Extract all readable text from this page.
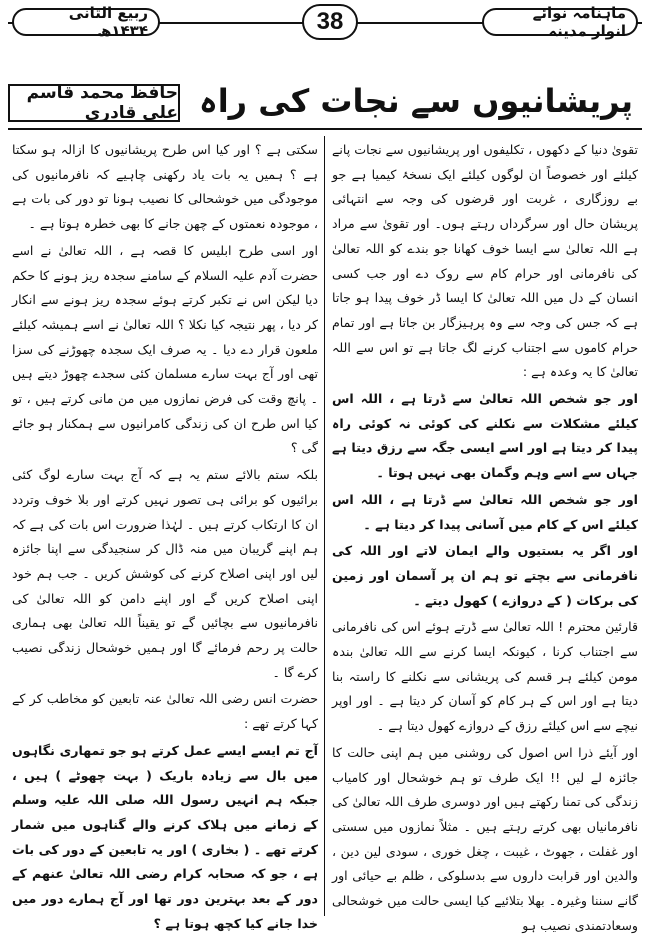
ربیع الثانی ۱۴۳۴ھ	38	ماہنامہ نوائے انوار مدینہ
حافظ محمد قاسم علی قادری پریشانیوں سے نجات کی راہ

تقویٰ دنیا کے دکھوں ، تکلیفوں اور پریشانیوں سے نجات پانے کیلئے اور خصوصاً ان لوگوں کیلئے ایک نسخۂ کیمیا ہے جو بے روزگاری ، غربت اور قرضوں کی وجہ سے انتہائی پریشان حال اور سرگرداں رہتے ہوں۔ اور تقویٰ سے مراد ہے اللہ تعالیٰ سے ایسا خوف کھانا جو بندے کو اللہ تعالیٰ کی نافرمانی اور حرام کام سے روک دے اور جب کسی انسان کے دل میں اللہ تعالیٰ کا ایسا ڈر خوف پیدا ہو جاتا ہے کہ جس کی وجہ سے وہ پرہیزگار بن جاتا ہے اور تمام حرام کاموں سے اجتناب کرنے لگ جاتا ہے تو اس سے اللہ تعالیٰ کا یہ وعدہ ہے :

اور جو شخص اللہ تعالیٰ سے ڈرتا ہے ، اللہ اس کیلئے مشکلات سے نکلنے کی کوئی نہ کوئی راہ پیدا کر دیتا ہے اور اسے ایسی جگہ سے رزق دیتا ہے جہاں سے اسے وہم وگمان بھی نہیں ہوتا ۔

اور جو شخص اللہ تعالیٰ سے ڈرتا ہے ، اللہ اس کیلئے اس کے کام میں آسانی پیدا کر دیتا ہے ۔

اور اگر یہ بستیوں والے ایمان لاتے اور اللہ کی نافرمانی سے بچتے تو ہم ان پر آسمان اور زمین کی برکات ( کے دروازے ) کھول دیتے ۔

قارئین محترم ! اللہ تعالیٰ سے ڈرتے ہوئے اس کی نافرمانی سے اجتناب کرنا ، کیونکہ ایسا کرنے سے اللہ تعالیٰ بندہ مومن کیلئے ہر قسم کی پریشانی سے نکلنے کا راستہ بنا دیتا ہے اور اس کے ہر کام کو آسان کر دیتا ہے ۔ اور اوپر نیچے سے اس کیلئے رزق کے دروازے کھول دیتا ہے ۔

اور آیئے ذرا اس اصول کی روشنی میں ہم اپنی حالت کا جائزہ لے لیں !! ایک طرف تو ہم خوشحال اور کامیاب زندگی کی تمنا رکھتے ہیں اور دوسری طرف اللہ تعالیٰ کی نافرمانیاں بھی کرتے رہتے ہیں ۔ مثلاً نمازوں میں سستی اور غفلت ، جھوٹ ، غیبت ، چغل خوری ، سودی لین دین ، والدین اور قرابت داروں سے بدسلوکی ، ظلم بے حیائی اور گانے سننا وغیرہ۔ بھلا بتلائیے کیا ایسی حالت میں خوشحالی وسعادتمندی نصیب ہو

سکتی ہے ؟ اور کیا اس طرح پریشانیوں کا ازالہ ہو سکتا ہے ؟ ہمیں یہ بات یاد رکھنی چاہیے کہ نافرمانیوں کی موجودگی میں خوشحالی کا نصیب ہونا تو دور کی بات ہے ، موجودہ نعمتوں کے چھن جانے کا بھی خطرہ ہوتا ہے ۔

اور اسی طرح ابلیس کا قصہ ہے ، اللہ تعالیٰ نے اسے حضرت آدم علیہ السلام کے سامنے سجدہ ریز ہونے کا حکم دیا لیکن اس نے تکبر کرتے ہوئے سجدہ ریز ہونے سے انکار کر دیا ، پھر نتیجہ کیا نکلا ؟ اللہ تعالیٰ نے اسے ہمیشہ کیلئے ملعون قرار دے دیا ۔ یہ صرف ایک سجدہ چھوڑنے کی سزا تھی اور آج بہت سارے مسلمان کئی سجدے چھوڑ دیتے ہیں ۔ پانچ وقت کی فرض نمازوں میں من مانی کرتے ہیں ، تو کیا اس طرح ان کی زندگی کامرانیوں سے ہمکنار ہو جائے گی ؟

بلکہ ستم بالائے ستم یہ ہے کہ آج بہت سارے لوگ کئی برائیوں کو برائی ہی تصور نہیں کرتے اور بلا خوف وتردد ان کا ارتکاب کرتے ہیں ۔ لہٰذا ضرورت اس بات کی ہے کہ ہم اپنے گریبان میں منہ ڈال کر سنجیدگی سے اپنا جائزہ لیں اور اپنی اصلاح کرنے کی کوشش کریں ۔ جب ہم خود اپنی اصلاح کریں گے اور اپنے دامن کو اللہ تعالیٰ کی نافرمانیوں سے بچائیں گے تو یقیناً اللہ تعالیٰ بھی ہماری حالت پر رحم فرمائے گا اور ہمیں خوشحال زندگی نصیب کرے گا ۔

حضرت انس رضی اللہ تعالیٰ عنہ تابعین کو مخاطب کر کے کہا کرتے تھے :

آج تم ایسے ایسے عمل کرتے ہو جو تمھاری نگاہوں میں بال سے زیادہ باریک ( بہت چھوٹے ) ہیں ، جبکہ ہم انہیں رسول اللہ صلی اللہ علیہ وسلم کے زمانے میں ہلاک کرنے والے گناہوں میں شمار کرتے تھے ۔ ( بخاری ) اور یہ تابعین کے دور کی بات ہے ، جو کہ صحابہ کرام رضی اللہ تعالیٰ عنھم کے دور کے بعد بہترین دور تھا اور آج ہمارے دور میں خدا جانے کیا کچھ ہوتا ہے ؟
